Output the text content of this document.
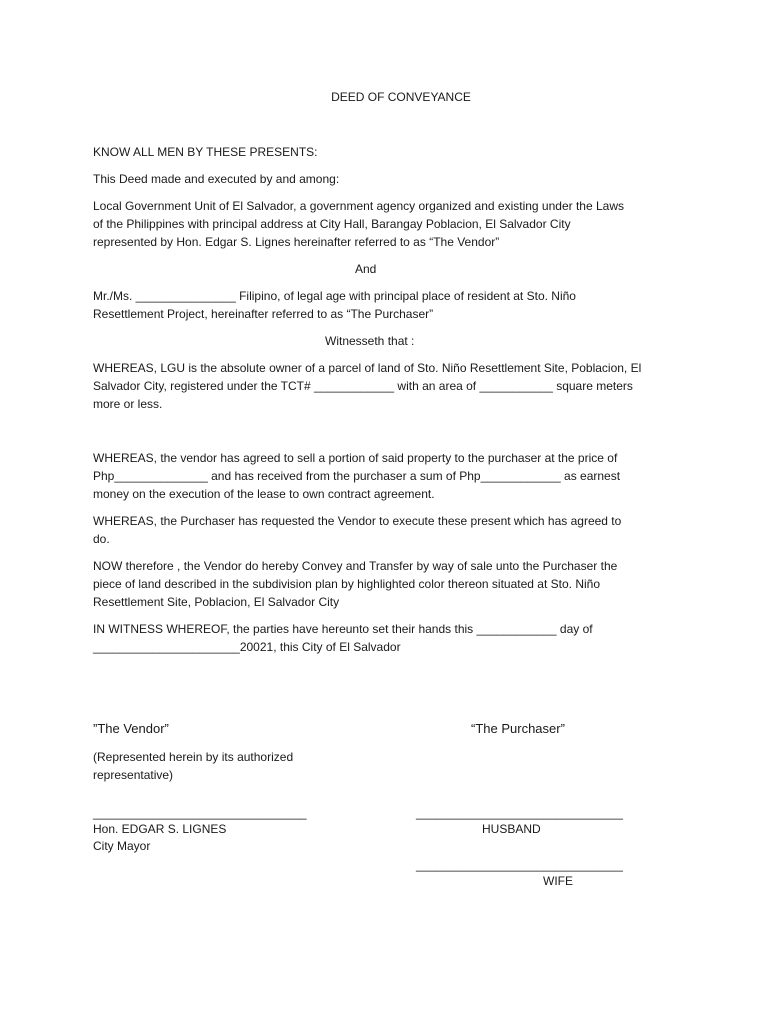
DEED OF CONVEYANCE
KNOW ALL MEN BY THESE PRESENTS:
This Deed made and executed by and among:

Local Government Unit of El Salvador, a government agency organized and existing under the Laws

of the Philippines with principal address at City Hall, Barangay Poblacion, El Salvador City

represented by Hon. Edgar S. Lignes hereinafter referred to as “The Vendor”

And

Mr./Ms. _______________ Filipino, of legal age with principal place of resident at Sto. Niño

Resettlement Project, hereinafter referred to as “The Purchaser”

Witnesseth that :

WHEREAS, LGU is the absolute owner of a parcel of land of Sto. Niño Resettlement Site, Poblacion, El

Salvador City, registered under the TCT# ____________ with an area of ___________ square meters

more or less.

WHEREAS, the vendor has agreed to sell a portion of said property to the purchaser at the price of

Php______________ and has received from the purchaser a sum of Php____________ as earnest

money on the execution of the lease to own contract agreement.

WHEREAS, the Purchaser has requested the Vendor to execute these present which has agreed to

do.

NOW therefore , the Vendor do hereby Convey and Transfer by way of sale unto the Purchaser the

piece of land described in the subdivision plan by highlighted color thereon situated at Sto. Niño

Resettlement Site, Poblacion, El Salvador City

IN WITNESS WHEREOF, the parties have hereunto set their hands this ____________ day of

______________________20021, this City of El Salvador

”The Vendor”	“The Purchaser”

(Represented herein by its authorized

representative)

________________________________	_______________________________
Hon. EDGAR S. LIGNES	HUSBAND
City Mayor
_______________________________
WIFE
